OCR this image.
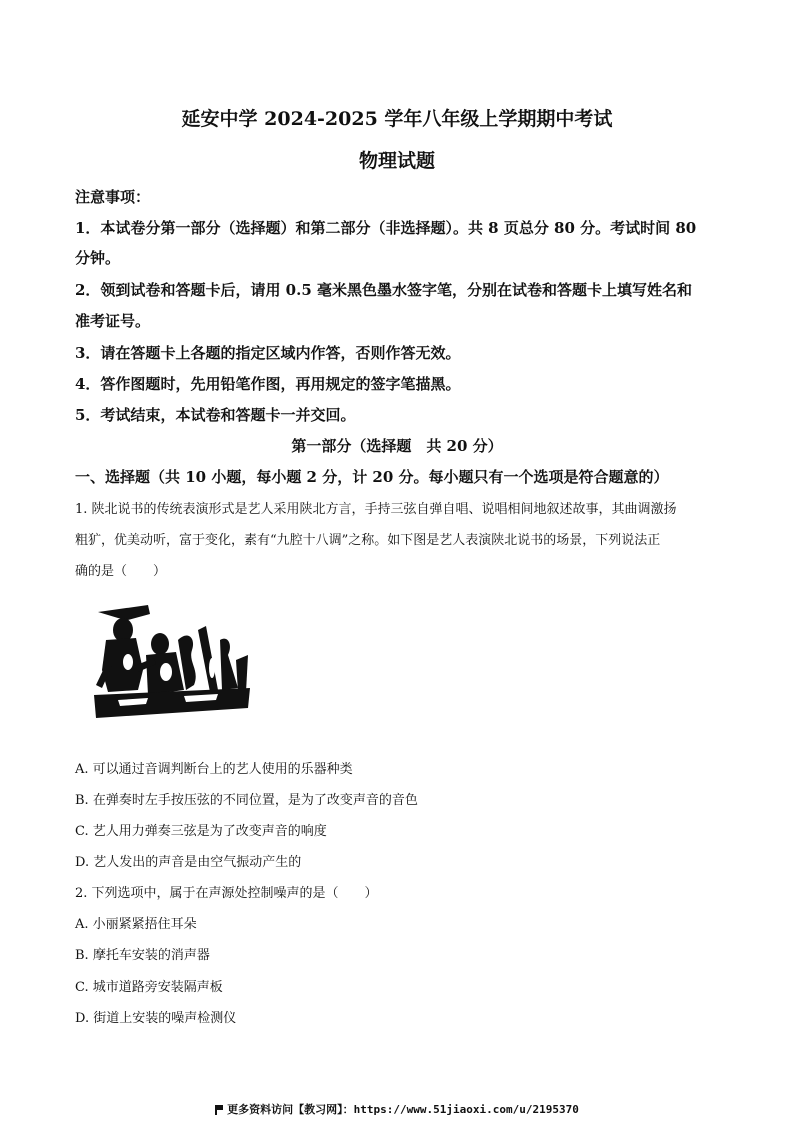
延安中学 2024-2025 学年八年级上学期期中考试
物理试题
注意事项：
1．本试卷分第一部分（选择题）和第二部分（非选择题）。共 8 页总分 80 分。考试时间 80
分钟。
2．领到试卷和答题卡后，请用 0.5 毫米黑色墨水签字笔，分别在试卷和答题卡上填写姓名和
准考证号。
3．请在答题卡上各题的指定区域内作答，否则作答无效。
4．答作图题时，先用铅笔作图，再用规定的签字笔描黑。
5．考试结束，本试卷和答题卡一并交回。
第一部分（选择题　共 20 分）
一、选择题（共 10 小题，每小题 2 分，计 20 分。每小题只有一个选项是符合题意的）
1. 陕北说书的传统表演形式是艺人采用陕北方言，手持三弦自弹自唱、说唱相间地叙述故事，其曲调激扬
粗犷，优美动听，富于变化，素有“九腔十八调”之称。如下图是艺人表演陕北说书的场景，下列说法正
确的是（　　）
A. 可以通过音调判断台上的艺人使用的乐器种类
B. 在弹奏时左手按压弦的不同位置，是为了改变声音的音色
C. 艺人用力弹奏三弦是为了改变声音的响度
D. 艺人发出的声音是由空气振动产生的
2. 下列选项中，属于在声源处控制噪声的是（　　）
A. 小丽紧紧捂住耳朵
B. 摩托车安装的消声器
C. 城市道路旁安装隔声板
D. 街道上安装的噪声检测仪
更多资料访问【教习网】：https://www.51jiaoxi.com/u/2195370
